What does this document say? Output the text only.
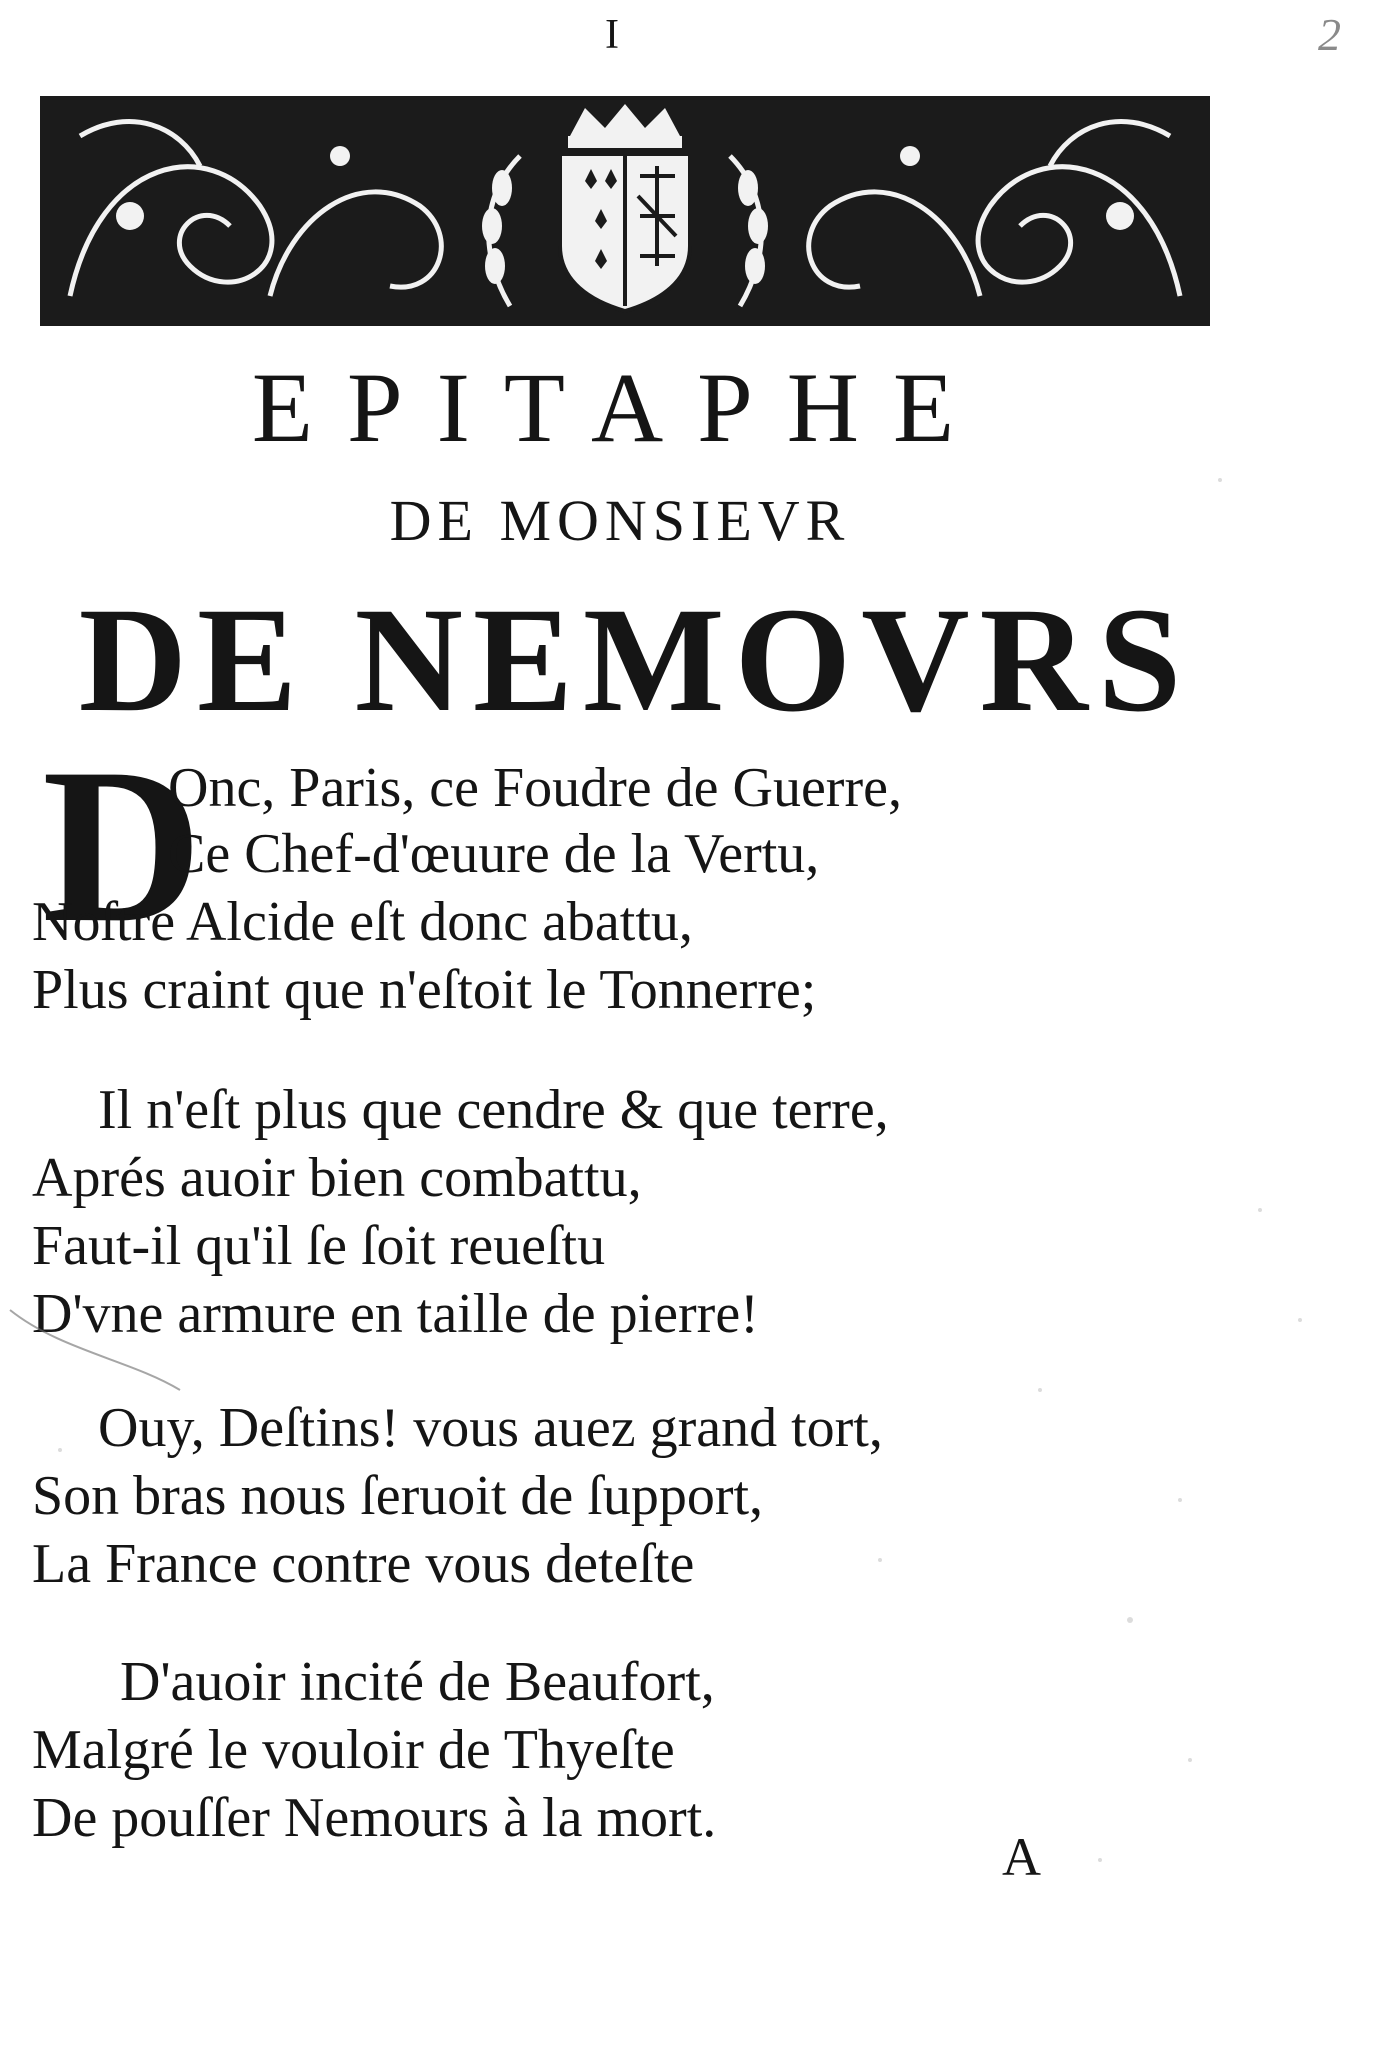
I	2
EPITAPHE
DE MONSIEVR
DE NEMOVRS
D
Onc, Paris, ce Foudre de Guerre,
Ce Chef-d'œuure de la Vertu,
Noſtre Alcide eſt donc abattu,
Plus craint que n'eſtoit le Tonnerre;
Il n'eſt plus que cendre & que terre,
Aprés auoir bien combattu,
Faut-il qu'il ſe ſoit reueſtu
D'vne armure en taille de pierre!
Ouy, Deſtins! vous auez grand tort,
Son bras nous ſeruoit de ſupport,
La France contre vous deteſte
D'auoir incité de Beaufort,
Malgré le vouloir de Thyeſte
De pouſſer Nemours à la mort.
A
